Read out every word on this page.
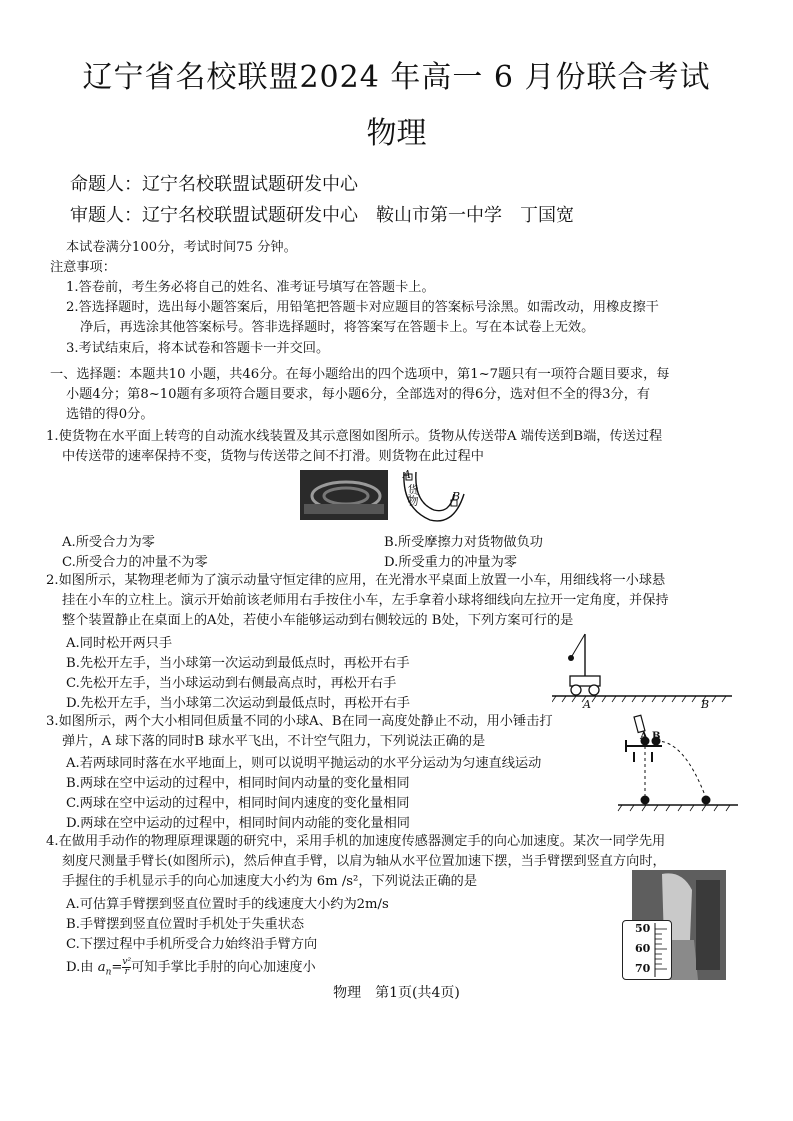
辽宁省名校联盟2024 年高一 6 月份联合考试
物理
命题人：辽宁名校联盟试题研发中心
审题人：辽宁名校联盟试题研发中心　鞍山市第一中学　丁国宽
本试卷满分100分，考试时间75 分钟。
注意事项：
1.答卷前，考生务必将自己的姓名、准考证号填写在答题卡上。
2.答选择题时，选出每小题答案后，用铅笔把答题卡对应题目的答案标号涂黑。如需改动，用橡皮擦干
净后，再选涂其他答案标号。答非选择题时，将答案写在答题卡上。写在本试卷上无效。
3.考试结束后，将本试卷和答题卡一并交回。
一、选择题：本题共10 小题，共46分。在每小题给出的四个选项中，第1~7题只有一项符合题目要求，每
小题4分；第8~10题有多项符合题目要求，每小题6分，全部选对的得6分，选对但不全的得3分，有
选错的得0分。
1.使货物在水平面上转弯的自动流水线装置及其示意图如图所示。货物从传送带A 端传送到B端，传送过程
中传送带的速率保持不变，货物与传送带之间不打滑。则货物在此过程中
货物
A
B
A.所受合力为零	B.所受摩擦力对货物做负功
C.所受合力的冲量不为零	D.所受重力的冲量为零
2.如图所示，某物理老师为了演示动量守恒定律的应用，在光滑水平桌面上放置一小车，用细线将一小球悬
挂在小车的立柱上。演示开始前该老师用右手按住小车，左手拿着小球将细线向左拉开一定角度，并保持
整个装置静止在桌面上的A处，若使小车能够运动到右侧较远的 B处，下列方案可行的是
A.同时松开两只手
B.先松开左手，当小球第一次运动到最低点时，再松开右手
C.先松开左手，当小球运动到右侧最高点时，再松开右手
D.先松开左手，当小球第二次运动到最低点时，再松开右手	A	B
3.如图所示，两个大小相同但质量不同的小球A、B在同一高度处静止不动，用小锤击打
弹片，A 球下落的同时B 球水平飞出，不计空气阻力，下列说法正确的是
A.若两球同时落在水平地面上，则可以说明平抛运动的水平分运动为匀速直线运动
B.两球在空中运动的过程中，相同时间内动量的变化量相同
C.两球在空中运动的过程中，相同时间内速度的变化量相同
D.两球在空中运动的过程中，相同时间内动能的变化量相同
A B
4.在做用手动作的物理原理课题的研究中，采用手机的加速度传感器测定手的向心加速度。某次一同学先用
刻度尺测量手臂长(如图所示)，然后伸直手臂，以肩为轴从水平位置加速下摆，当手臂摆到竖直方向时，
手握住的手机显示手的向心加速度大小约为 6m /s²，下列说法正确的是
A.可估算手臂摆到竖直位置时手的线速度大小约为2m/s
B.手臂摆到竖直位置时手机处于失重状态
C.下摆过程中手机所受合力始终沿手臂方向
D.由 $a_n= \frac{\text{v²}}{r}$ 可知手掌比手肘的向心加速度小
50
60
70
物理　第1页(共4页)
